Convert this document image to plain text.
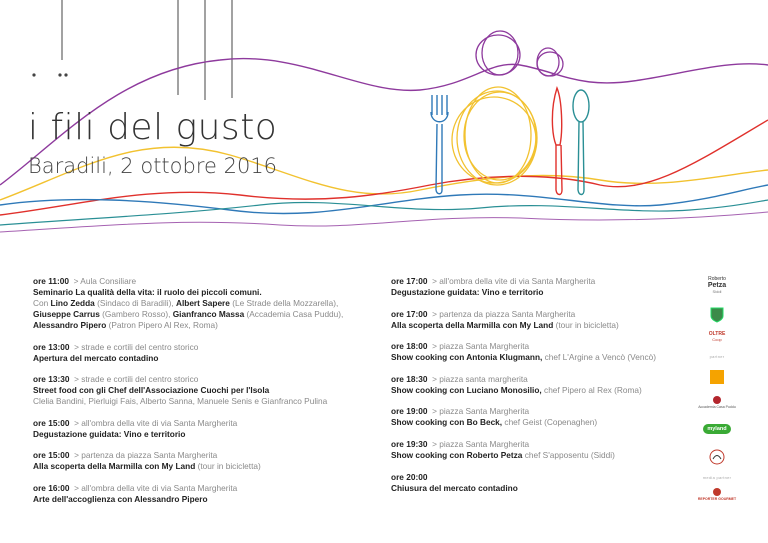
i fili del gusto
Baradili, 2 ottobre 2016
ore 11:00 > Aula Consiliare
Seminario La qualità della vita: il ruolo dei piccoli comuni.
Con Lino Zedda (Sindaco di Baradili), Albert Sapere (Le Strade della Mozzarella),
Giuseppe Carrus (Gambero Rosso), Gianfranco Massa (Accademia Casa Puddu),
Alessandro Pipero (Patron Pipero Al Rex, Roma)
ore 13:00 > strade e cortili del centro storico
Apertura del mercato contadino
ore 13:30 > strade e cortili del centro storico
Street food con gli Chef dell'Associazione Cuochi per l'Isola
Clelia Bandini, Pierluigi Fais, Alberto Sanna, Manuele Senis e Gianfranco Pulina
ore 15:00 > all'ombra della vite di via Santa Margherita
Degustazione guidata: Vino e territorio
ore 15:00 > partenza da piazza Santa Margherita
Alla scoperta della Marmilla con My Land (tour in bicicletta)
ore 16:00 > all'ombra della vite di via Santa Margherita
Arte dell'accoglienza con Alessandro Pipero
ore 17:00 > all'ombra della vite di via Santa Margherita
Degustazione guidata: Vino e territorio
ore 17:00 > partenza da piazza Santa Margherita
Alla scoperta della Marmilla con My Land (tour in bicicletta)
ore 18:00 > piazza Santa Margherita
Show cooking con Antonia Klugmann, chef L'Argine a Vencò (Vencò)
ore 18:30 > piazza santa margherita
Show cooking con Luciano Monosilio, chef Pipero al Rex (Roma)
ore 19:00 > piazza Santa Margherita
Show cooking con Bo Beck, chef Geist (Copenaghen)
ore 19:30 > piazza Santa Margherita
Show cooking con Roberto Petza chef S'apposentu (Siddi)
ore 20:00
Chiusura del mercato contadino
Roberto
Petza
Siddi
OLTRE
Coop
partner
Accademia Casa Puddu
myland
media partner
REPORTER GOURMET
